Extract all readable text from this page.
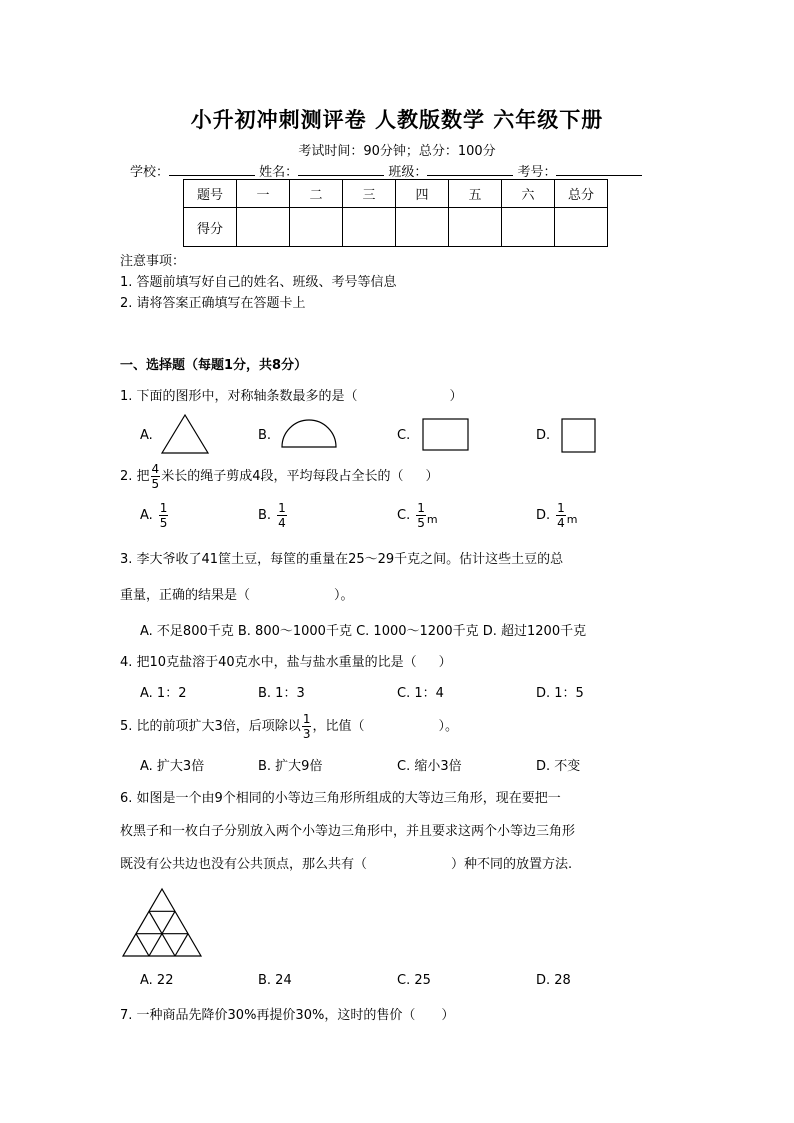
小升初冲刺测评卷 人教版数学 六年级下册
考试时间：90分钟；总分：100分
学校：	姓名：	班级：	考号：
题号	一	二	三	四	五	六	总分
得分							
注意事项：
1. 答题前填写好自己的姓名、班级、考号等信息
2. 请将答案正确填写在答题卡上
一、选择题（每题1分，共8分）
1. 下面的图形中，对称轴条数最多的是（	）
A.	B.	C.	D.
2. 把 $\frac{4}{5}$ 米长的绳子剪成4段，平均每段占全长的（ ）
A. $\frac{1}{5}$	B. $\frac{1}{4}$	C. $\frac{1}{5} _m$	D. $\frac{1}{4} _m$
3. 李大爷收了41筐土豆，每筐的重量在25～29千克之间。估计这些土豆的总
重量，正确的结果是（	）。
A. 不足800千克 B. 800～1000千克 C. 1000～1200千克 D. 超过1200千克
4. 把10克盐溶于40克水中，盐与盐水重量的比是（ ）
A. 1：2	B. 1：3	C. 1：4	D. 1：5
5. 比的前项扩大3倍，后项除以 $\frac{1}{3}$ ，比值（	）。
A. 扩大3倍	B. 扩大9倍	C. 缩小3倍	D. 不变
6. 如图是一个由9个相同的小等边三角形所组成的大等边三角形，现在要把一
枚黑子和一枚白子分别放入两个小等边三角形中，并且要求这两个小等边三角形
既没有公共边也没有公共顶点，那么共有（	）种不同的放置方法.
A. 22	B. 24	C. 25	D. 28
7. 一种商品先降价30%再提价30%，这时的售价（ ）
